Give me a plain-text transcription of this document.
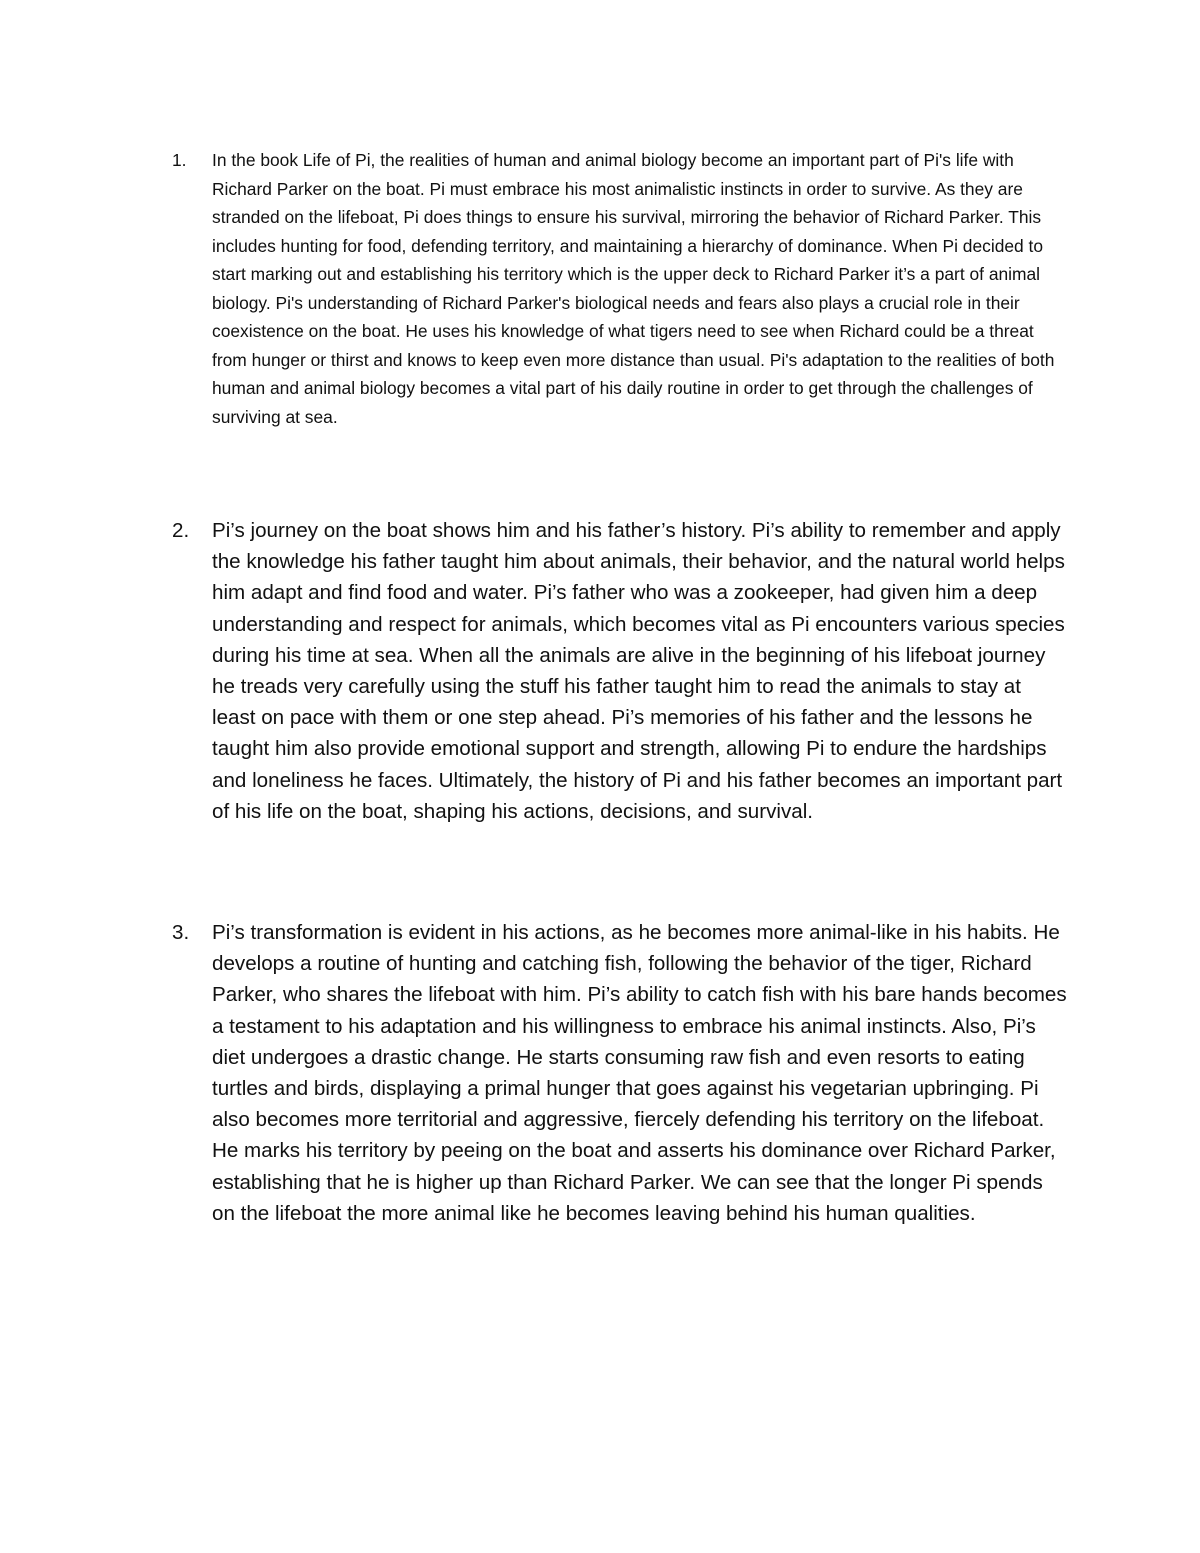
1.	In the book Life of Pi, the realities of human and animal biology become an important part of Pi's life with Richard Parker on the boat. Pi must embrace his most animalistic instincts in order to survive. As they are stranded on the lifeboat, Pi does things to ensure his survival, mirroring the behavior of Richard Parker. This includes hunting for food, defending territory, and maintaining a hierarchy of dominance. When Pi decided to start marking out and establishing his territory which is the upper deck to Richard Parker it’s a part of animal biology. Pi's understanding of Richard Parker's biological needs and fears also plays a crucial role in their coexistence on the boat. He uses his knowledge of what tigers need to see when Richard could be a threat from hunger or thirst and knows to keep even more distance than usual. Pi's adaptation to the realities of both human and animal biology becomes a vital part of his daily routine in order to get through the challenges of surviving at sea.

2.	Pi’s journey on the boat shows him and his father’s history. Pi’s ability to remember and apply the knowledge his father taught him about animals, their behavior, and the natural world helps him adapt and find food and water. Pi’s father who was a zookeeper, had given him a deep understanding and respect for animals, which becomes vital as Pi encounters various species during his time at sea. When all the animals are alive in the beginning of his lifeboat journey he treads very carefully using the stuff his father taught him to read the animals to stay at least on pace with them or one step ahead. Pi’s memories of his father and the lessons he taught him also provide emotional support and strength, allowing Pi to endure the hardships and loneliness he faces. Ultimately, the history of Pi and his father becomes an important part of his life on the boat, shaping his actions, decisions, and survival.

3.	Pi’s transformation is evident in his actions, as he becomes more animal-like in his habits. He develops a routine of hunting and catching fish, following the behavior of the tiger, Richard Parker, who shares the lifeboat with him. Pi’s ability to catch fish with his bare hands becomes a testament to his adaptation and his willingness to embrace his animal instincts. Also, Pi’s diet undergoes a drastic change. He starts consuming raw fish and even resorts to eating turtles and birds, displaying a primal hunger that goes against his vegetarian upbringing. Pi also becomes more territorial and aggressive, fiercely defending his territory on the lifeboat. He marks his territory by peeing on the boat and asserts his dominance over Richard Parker, establishing that he is higher up than Richard Parker. We can see that the longer Pi spends on the lifeboat the more animal like he becomes leaving behind his human qualities.
